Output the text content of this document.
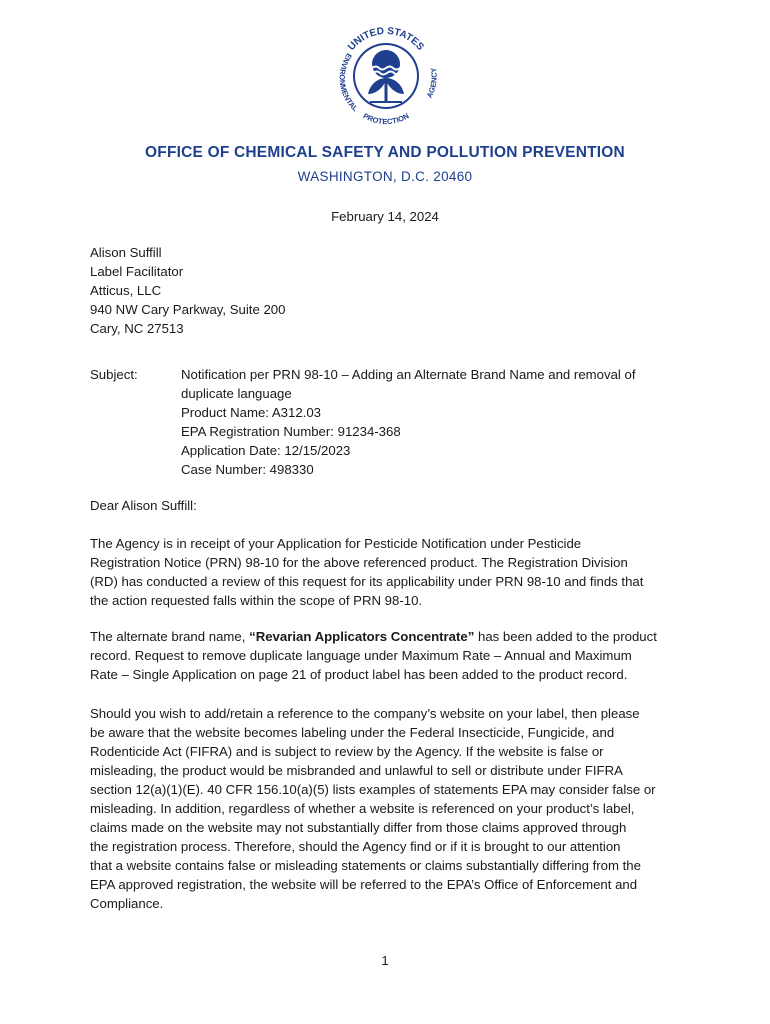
UNITED STATES
ENVIRONMENTAL
PROTECTION
AGENCY
OFFICE OF CHEMICAL SAFETY AND POLLUTION PREVENTION
WASHINGTON, D.C. 20460
February 14, 2024
Alison Suffill
Label Facilitator
Atticus, LLC
940 NW Cary Parkway, Suite 200
Cary, NC 27513
Subject:	Notification per PRN 98-10 – Adding an Alternate Brand Name and removal of
duplicate language
Product Name: A312.03
EPA Registration Number: 91234-368
Application Date: 12/15/2023
Case Number: 498330
Dear Alison Suffill:
The Agency is in receipt of your Application for Pesticide Notification under Pesticide
Registration Notice (PRN) 98-10 for the above referenced product. The Registration Division
(RD) has conducted a review of this request for its applicability under PRN 98-10 and finds that
the action requested falls within the scope of PRN 98-10.
The alternate brand name, “Revarian Applicators Concentrate” has been added to the product
record. Request to remove duplicate language under Maximum Rate – Annual and Maximum
Rate – Single Application on page 21 of product label has been added to the product record.
Should you wish to add/retain a reference to the company’s website on your label, then please
be aware that the website becomes labeling under the Federal Insecticide, Fungicide, and
Rodenticide Act (FIFRA) and is subject to review by the Agency. If the website is false or
misleading, the product would be misbranded and unlawful to sell or distribute under FIFRA
section 12(a)(1)(E). 40 CFR 156.10(a)(5) lists examples of statements EPA may consider false or
misleading. In addition, regardless of whether a website is referenced on your product’s label,
claims made on the website may not substantially differ from those claims approved through
the registration process. Therefore, should the Agency find or if it is brought to our attention
that a website contains false or misleading statements or claims substantially differing from the
EPA approved registration, the website will be referred to the EPA’s Office of Enforcement and
Compliance.
1
